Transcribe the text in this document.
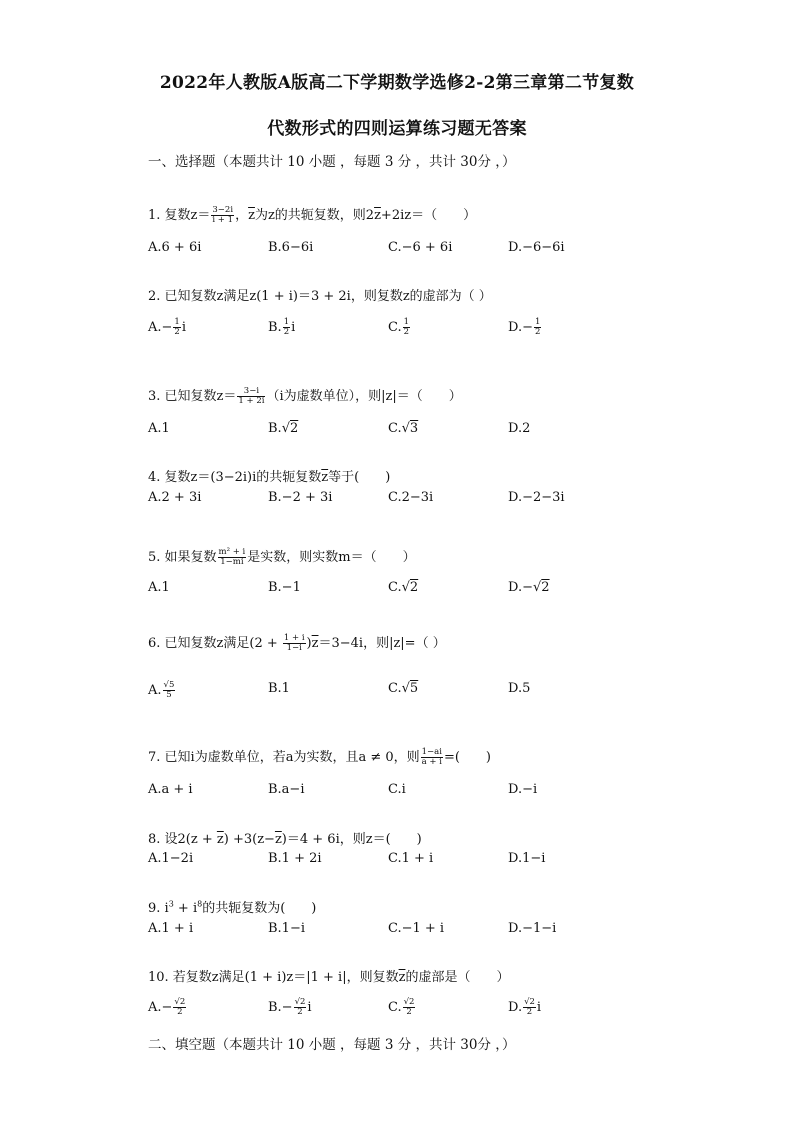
2022年人教版A版高二下学期数学选修2-2第三章第二节复数
代数形式的四则运算练习题无答案
一、选择题（本题共计 10 小题 ，每题 3 分 ，共计 30分 ，）
1. 复数$z= \frac{3-2i}{i + 1}$ ，$\overline{z}$为z的共轭复数，则$2\overline{z}+2iz=$（　　）
A.6 + 6i	B.6−6i	C.−6 + 6i	D.−6−6i
2. 已知复数z满足z(1 + i)＝3 + 2i，则复数z的虚部为（ ）
$A.- \frac{1}{2}$ i	B. $\frac{1}{2}$ i	C. $\frac{1}{2}$	$D.- \frac{1}{2}$
3. 已知复数$z= \frac{3-i}{1 + 2i} (i$为虚数单位），则|z|＝（　　）
A.1	B.√2	C.√3	D.2
4. 复数z＝(3−2i)i的共轭复数$\overline{z}$等于(　　)
A.2 + 3i	B.−2 + 3i	C.2−3i	D.−2−3i
5. 如果复数 $\frac{\text{m² + i}}{1-mi}$ 是实数，则实数m＝（　　）
A.1	B.−1	C.√2	D.−√2
6. 已知复数z满足$(2 + \frac{1 + i}{1-i} )\overline{z}=3-4i$，则|z|=（ ）
A. $\frac{√5}{5}$	B.1	C.√5	D.5
7. 已知i为虚数单位，若a为实数，且a ≠ 0，则 $\frac{1-ai}{a + i}$ =(　　)
A.a + i	B.a−i	C.i	D.−i
8. 设$2(z + \overline{z}) +3(z-\overline{z})=4 + 6i$，则z＝(　　)
A.1−2i	B.1 + 2i	C.1 + i	D.1−i
9. $i^3 + i^8$的共轭复数为(　　)
A.1 + i	B.1−i	C.−1 + i	D.−1−i
10. 若复数z满足(1 + i)z＝|1 + i|，则复数$\overline{z}$的虚部是（　　）
$A.- \frac{√2}{2}$	$B.- \frac{√2}{2}$ i	C. $\frac{√2}{2}$	D. $\frac{√2}{2}$ i
二、填空题（本题共计 10 小题 ，每题 3 分 ，共计 30分 ，）
